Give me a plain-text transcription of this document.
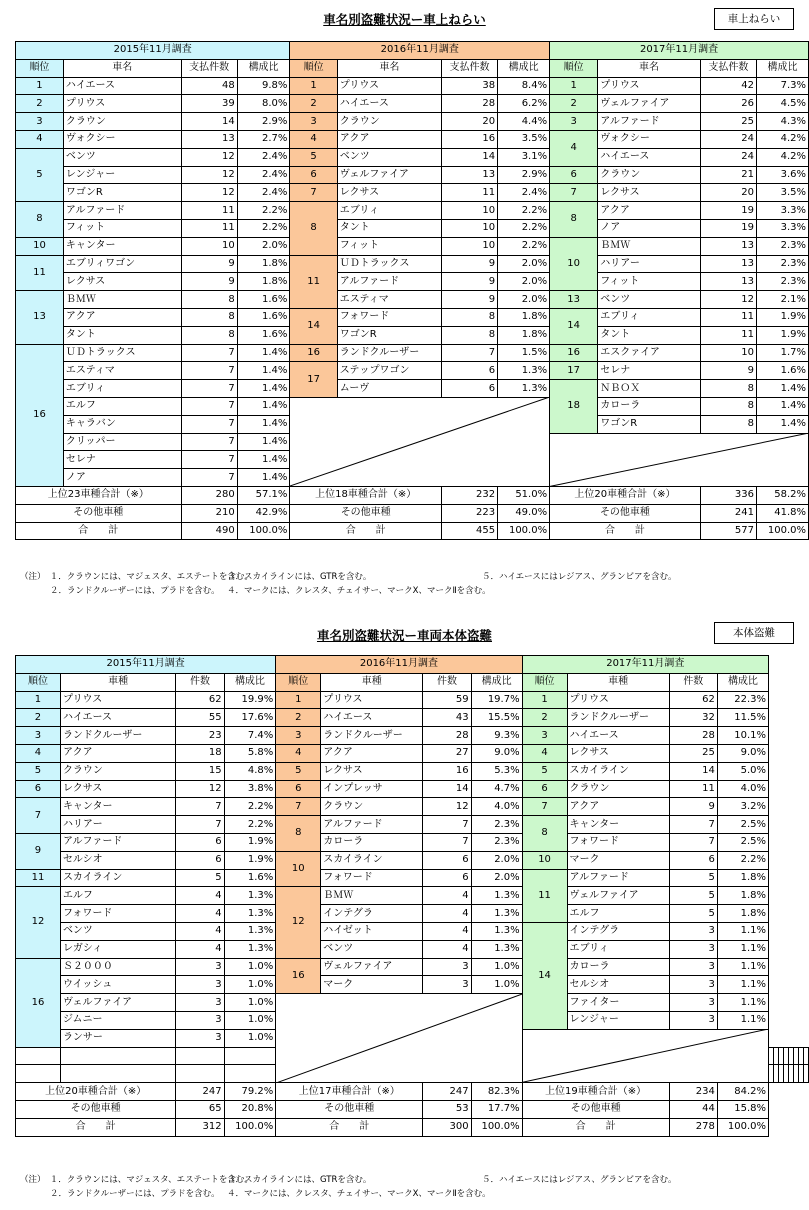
車名別盗難状況ー車上ねらい	車上ねらい
2015年11月調査				2016年11月調査				2017年11月調査			
順位	車名	支払件数	構成比	順位	車名	支払件数	構成比	順位	車名	支払件数	構成比
1	ハイエース	48	9.8%	1	プリウス	38	8.4%	1	プリウス	42	7.3%
2	プリウス	39	8.0%	2	ハイエース	28	6.2%	2	ヴェルファイア	26	4.5%
3	クラウン	14	2.9%	3	クラウン	20	4.4%	3	アルファード	25	4.3%
4	ヴォクシー	13	2.7%	4	アクア	16	3.5%	4	ヴォクシー	24	4.2%
5	ベンツ	12	2.4%	5	ベンツ	14	3.1%		ハイエース	24	4.2%
	レンジャー	12	2.4%	6	ヴェルファイア	13	2.9%	6	クラウン	21	3.6%
	ワゴンR	12	2.4%	7	レクサス	11	2.4%	7	レクサス	20	3.5%
8	アルファード	11	2.2%	8	エブリィ	10	2.2%	8	アクア	19	3.3%
	フィット	11	2.2%		タント	10	2.2%		ノア	19	3.3%
10	キャンター	10	2.0%		フィット	10	2.2%	10	ＢＭＷ	13	2.3%
11	エブリィワゴン	9	1.8%	11	ＵＤトラックス	9	2.0%		ハリアー	13	2.3%
	レクサス	9	1.8%		アルファード	9	2.0%		フィット	13	2.3%
13	ＢＭＷ	8	1.6%		エスティマ	9	2.0%	13	ベンツ	12	2.1%
	アクア	8	1.6%	14	フォワード	8	1.8%	14	エブリィ	11	1.9%
	タント	8	1.6%		ワゴンR	8	1.8%		タント	11	1.9%
16	ＵＤトラックス	7	1.4%	16	ランドクルーザー	7	1.5%	16	エスクァイア	10	1.7%
	エスティマ	7	1.4%	17	ステップワゴン	6	1.3%	17	セレナ	9	1.6%
	エブリィ	7	1.4%		ムーヴ	6	1.3%	18	ＮＢＯＸ	8	1.4%
	エルフ	7	1.4%						カローラ	8	1.4%
	キャラバン	7	1.4%						ワゴンR	8	1.4%
	クリッパー	7	1.4%								
	セレナ	7	1.4%								
	ノア	7	1.4%								
上位23車種合計（※）		280	57.1%	上位18車種合計（※）		232	51.0%	上位20車種合計（※）		336	58.2%
その他車種		210	42.9%	その他車種		223	49.0%	その他車種		241	41.8%
合　　計		490	100.0%	合　　計		455	100.0%	合　　計		577	100.0%
（注）　１．クラウンには、マジェスタ、エステートを含む。
２．ランドクルーザーには、プラドを含む。
３．スカイラインには、GTRを含む。
４．マークには、クレスタ、チェイサー、マークX、マークⅡを含む。
５．ハイエースにはレジアス、グランビアを含む。
車名別盗難状況ー車両本体盗難	本体盗難
2015年11月調査				2016年11月調査				2017年11月調査											
順位	車種	件数	構成比	順位	車種	件数	構成比	順位	車種	件数	構成比								
1	プリウス	62	19.9%	1	プリウス	59	19.7%	1	プリウス	62	22.3%								
2	ハイエース	55	17.6%	2	ハイエース	43	15.5%	2	ランドクルーザー	32	11.5%								
3	ランドクルーザー	23	7.4%	3	ランドクルーザー	28	9.3%	3	ハイエース	28	10.1%								
4	アクア	18	5.8%	4	アクア	27	9.0%	4	レクサス	25	9.0%								
5	クラウン	15	4.8%	5	レクサス	16	5.3%	5	スカイライン	14	5.0%								
6	レクサス	12	3.8%	6	インプレッサ	14	4.7%	6	クラウン	11	4.0%								
7	キャンター	7	2.2%	7	クラウン	12	4.0%	7	アクア	9	3.2%								
	ハリアー	7	2.2%	8	アルファード	7	2.3%	8	キャンター	7	2.5%								
9	アルファード	6	1.9%		カローラ	7	2.3%		フォワード	7	2.5%								
	セルシオ	6	1.9%	10	スカイライン	6	2.0%	10	マーク	6	2.2%								
11	スカイライン	5	1.6%		フォワード	6	2.0%	11	アルファード	5	1.8%								
12	エルフ	4	1.3%	12	ＢＭＷ	4	1.3%		ヴェルファイア	5	1.8%								
	フォワード	4	1.3%		インテグラ	4	1.3%		エルフ	5	1.8%								
	ベンツ	4	1.3%		ハイゼット	4	1.3%	14	インテグラ	3	1.1%								
	レガシィ	4	1.3%		ベンツ	4	1.3%		エブリィ	3	1.1%								
16	Ｓ２０００	3	1.0%	16	ヴェルファイア	3	1.0%		カローラ	3	1.1%								
	ウイッシュ	3	1.0%		マーク	3	1.0%		セルシオ	3	1.1%								
	ヴェルファイア	3	1.0%						ファイター	3	1.1%								
	ジムニー	3	1.0%						レンジャー	3	1.1%								
	ランサー	3	1.0%																

上位20車種合計（※）		247	79.2%	上位17車種合計（※）		247	82.3%	上位19車種合計（※）		234	84.2%								
その他車種		65	20.8%	その他車種		53	17.7%	その他車種		44	15.8%								
合　　計		312	100.0%	合　　計		300	100.0%	合　　計		278	100.0%								
（注）　１．クラウンには、マジェスタ、エステートを含む。
２．ランドクルーザーには、プラドを含む。
３．スカイラインには、GTRを含む。
４．マークには、クレスタ、チェイサー、マークX、マークⅡを含む。
５．ハイエースにはレジアス、グランビアを含む。
